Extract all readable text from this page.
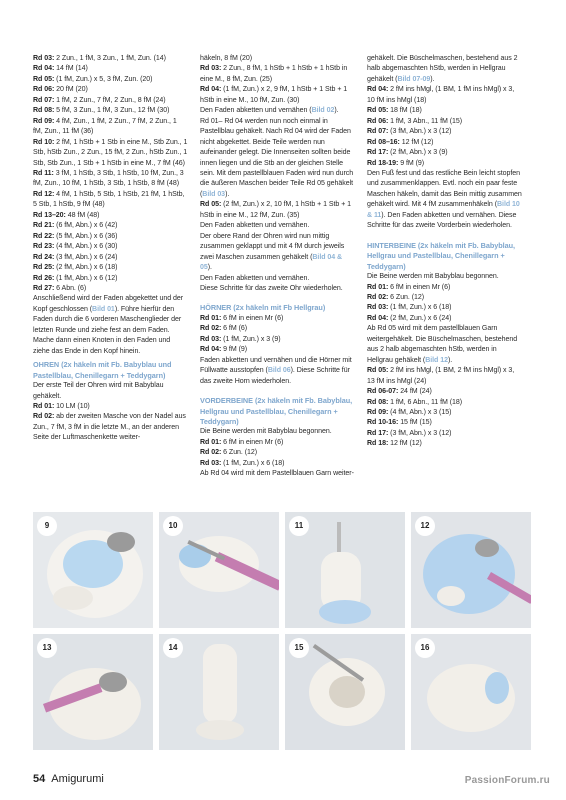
Rd 03: 2 Zun., 1 fM, 3 Zun., 1 fM, Zun. (14)

Rd 04: 14 fM (14)

Rd 05: (1 fM, Zun.) x 5, 3 fM, Zun. (20)

Rd 06: 20 fM (20)

Rd 07: 1 fM, 2 Zun., 7 fM, 2 Zun., 8 fM (24)

Rd 08: 5 fM, 3 Zun., 1 fM, 3 Zun., 12 fM (30)

Rd 09: 4 fM, Zun., 1 fM, 2 Zun., 7 fM, 2 Zun., 1 fM, Zun., 11 fM (36)

Rd 10: 2 fM, 1 hStb + 1 Stb in eine M., Stb Zun., 1 Stb, hStb Zun., 2 Zun., 15 fM, 2 Zun., hStb Zun., 1 Stb, Stb Zun., 1 Stb + 1 hStb in eine M., 7 fM (46)

Rd 11: 3 fM, 1 hStb, 3 Stb, 1 hStb, 10 fM, Zun., 3 fM, Zun., 10 fM, 1 hStb, 3 Stb, 1 hStb, 8 fM (48)

Rd 12: 4 fM, 1 hStb, 5 Stb, 1 hStb, 21 fM, 1 hStb, 5 Stb, 1 hStb, 9 fM (48)

Rd 13–20: 48 fM (48)

Rd 21: (6 fM, Abn.) x 6 (42)

Rd 22: (5 fM, Abn.) x 6 (36)

Rd 23: (4 fM, Abn.) x 6 (30)

Rd 24: (3 fM, Abn.) x 6 (24)

Rd 25: (2 fM, Abn.) x 6 (18)

Rd 26: (1 fM, Abn.) x 6 (12)

Rd 27: 6 Abn. (6)

Anschließend wird der Faden abgekettet und der Kopf geschlossen (Bild 01). Führe hierfür den Faden durch die 6 vorderen Maschenglieder der letzten Runde und ziehe fest an dem Faden. Mache dann einen Knoten in den Faden und ziehe das Ende in den Kopf hinein.

OHREN (2x häkeln mit Fb. Babyblau und Pastellblau, Chenillegarn + Teddygarn)

Der erste Teil der Ohren wird mit Babyblau gehäkelt.

Rd 01: 10 LM (10)

Rd 02: ab der zweiten Masche von der Nadel aus Zun., 7 fM, 3 fM in die letzte M., an der anderen Seite der Luftmaschenkette weiter-

häkeln, 8 fM (20)

Rd 03: 2 Zun., 8 fM, 1 hStb + 1 hStb + 1 hStb in eine M., 8 fM, Zun. (25)

Rd 04: (1 fM, Zun.) x 2, 9 fM, 1 hStb + 1 Stb + 1 hStb in eine M., 10 fM, Zun. (30)

Den Faden abketten und vernähen (Bild 02).

Rd 01– Rd 04 werden nun noch einmal in Pastellblau gehäkelt. Nach Rd 04 wird der Faden nicht abgekettet. Beide Teile werden nun aufeinander gelegt. Die Innenseiten sollten beide innen liegen und die Stb an der gleichen Stelle sein. Mit dem pastellblauen Faden wird nun durch die äußeren Maschen beider Teile Rd 05 gehäkelt (Bild 03).

Rd 05: (2 fM, Zun.) x 2, 10 fM, 1 hStb + 1 Stb + 1 hStb in eine M., 12 fM, Zun. (35)

Den Faden abketten und vernähen.

Der obere Rand der Ohren wird nun mittig zusammen geklappt und mit 4 fM durch jeweils zwei Maschen zusammen gehäkelt (Bild 04 & 05).

Den Faden abketten und vernähen.

Diese Schritte für das zweite Ohr wiederholen.

HÖRNER (2x häkeln mit Fb Hellgrau)

Rd 01: 6 fM in einen Mr (6)

Rd 02: 6 fM (6)

Rd 03: (1 fM, Zun.) x 3 (9)

Rd 04: 9 fM (9)

Faden abketten und vernähen und die Hörner mit Füllwatte ausstopfen (Bild 06). Diese Schritte für das zweite Horn wiederholen.

VORDERBEINE (2x häkeln mit Fb. Babyblau, Hellgrau und Pastellblau, Chenillegarn + Teddygarn)

Die Beine werden mit Babyblau begonnen.

Rd 01: 6 fM in einen Mr (6)

Rd 02: 6 Zun. (12)

Rd 03: (1 fM, Zun.) x 6 (18)

Ab Rd 04 wird mit dem Pastellblauen Garn weiter-

gehäkelt. Die Büschelmaschen, bestehend aus 2 halb abgemaschten hStb, werden in Hellgrau gehäkelt (Bild 07-09).

Rd 04: 2 fM ins hMgl, (1 BM, 1 fM ins hMgl) x 3, 10 fM ins hMgl (18)

Rd 05: 18 fM (18)

Rd 06: 1 fM, 3 Abn., 11 fM (15)

Rd 07: (3 fM, Abn.) x 3 (12)

Rd 08–16: 12 fM (12)

Rd 17: (2 fM, Abn.) x 3 (9)

Rd 18-19: 9 fM (9)

Den Fuß fest und das restliche Bein leicht stopfen und zusammenklappen. Evtl. noch ein paar feste Maschen häkeln, damit das Bein mittig zusammen gehäkelt wird. Mit 4 fM zusammenhäkeln (Bild 10 & 11). Den Faden abketten und vernähen. Diese Schritte für das zweite Vorderbein wiederholen.

HINTERBEINE (2x häkeln mit Fb. Babyblau, Hellgrau und Pastellblau, Chenillegarn + Teddygarn)

Die Beine werden mit Babyblau begonnen.

Rd 01: 6 fM in einen Mr (6)

Rd 02: 6 Zun. (12)

Rd 03: (1 fM, Zun.) x 6 (18)

Rd 04: (2 fM, Zun.) x 6 (24)

Ab Rd 05 wird mit dem pastellblauen Garn weitergehäkelt. Die Büschelmaschen, bestehend aus 2 halb abgemaschten hStb, werden in Hellgrau gehäkelt (Bild 12).

Rd 05: 2 fM ins hMgl, (1 BM, 2 fM ins hMgl) x 3, 13 fM ins hMgl (24)

Rd 06-07: 24 fM (24)

Rd 08: 1 fM, 6 Abn., 11 fM (18)

Rd 09: (4 fM, Abn.) x 3 (15)

Rd 10-16: 15 fM (15)

Rd 17: (3 fM, Abn.) x 3 (12)

Rd 18: 12 fM (12)

9	10	11	12
13	14	15	16
54 Amigurumi	PassionForum.ru
